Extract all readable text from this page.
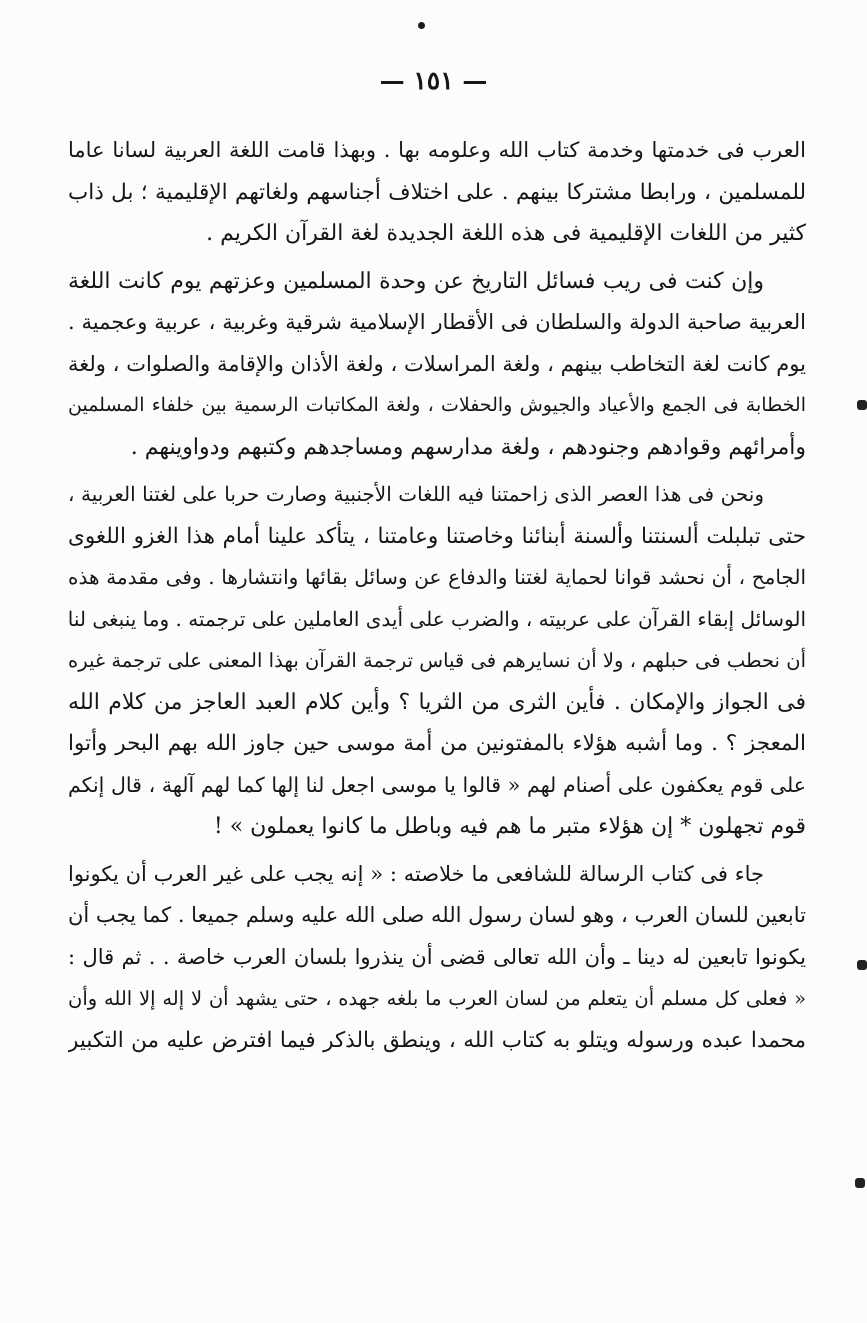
— ١٥١ —
العرب فى خدمتها وخدمة كتاب الله وعلومه بها . وبهذا قامت اللغة العربية لسانا عاما
للمسلمين ، ورابطا مشتركا بينهم . على اختلاف أجناسهم ولغاتهم الإقليمية ؛ بل ذاب
كثير من اللغات الإقليمية فى هذه اللغة الجديدة لغة القرآن الكريم .
وإن كنت فى ريب فسائل التاريخ عن وحدة المسلمين وعزتهم يوم كانت اللغة
العربية صاحبة الدولة والسلطان فى الأقطار الإسلامية شرقية وغربية ، عربية وعجمية .
يوم كانت لغة التخاطب بينهم ، ولغة المراسلات ، ولغة الأذان والإقامة والصلوات ، ولغة
الخطابة فى الجمع والأعياد والجيوش والحفلات ، ولغة المكاتبات الرسمية بين خلفاء المسلمين
وأمرائهم وقوادهم وجنودهم ، ولغة مدارسهم ومساجدهم وكتبهم ودواوينهم .
ونحن فى هذا العصر الذى زاحمتنا فيه اللغات الأجنبية وصارت حربا على لغتنا العربية ،
حتى تبلبلت ألسنتنا وألسنة أبنائنا وخاصتنا وعامتنا ، يتأكد علينا أمام هذا الغزو اللغوى
الجامح ، أن نحشد قوانا لحماية لغتنا والدفاع عن وسائل بقائها وانتشارها . وفى مقدمة هذه
الوسائل إبقاء القرآن على عربيته ، والضرب على أيدى العاملين على ترجمته . وما ينبغى لنا
أن نحطب فى حبلهم ، ولا أن نسايرهم فى قياس ترجمة القرآن بهذا المعنى على ترجمة غيره
فى الجواز والإمكان . فأين الثرى من الثريا ؟ وأين كلام العبد العاجز من كلام الله
المعجز ؟ . وما أشبه هؤلاء بالمفتونين من أمة موسى حين جاوز الله بهم البحر وأتوا
على قوم يعكفون على أصنام لهم « قالوا يا موسى اجعل لنا إلها كما لهم آلهة ، قال إنكم
قوم تجهلون * إن هؤلاء متبر ما هم فيه وباطل ما كانوا يعملون » !
جاء فى كتاب الرسالة للشافعى ما خلاصته : « إنه يجب على غير العرب أن يكونوا
تابعين للسان العرب ، وهو لسان رسول الله صلى الله عليه وسلم جميعا . كما يجب أن
يكونوا تابعين له دينا ـ وأن الله تعالى قضى أن ينذروا بلسان العرب خاصة . . ثم قال :
« فعلى كل مسلم أن يتعلم من لسان العرب ما بلغه جهده ، حتى يشهد أن لا إله إلا الله وأن
محمدا عبده ورسوله ويتلو به كتاب الله ، وينطق بالذكر فيما افترض عليه من التكبير
